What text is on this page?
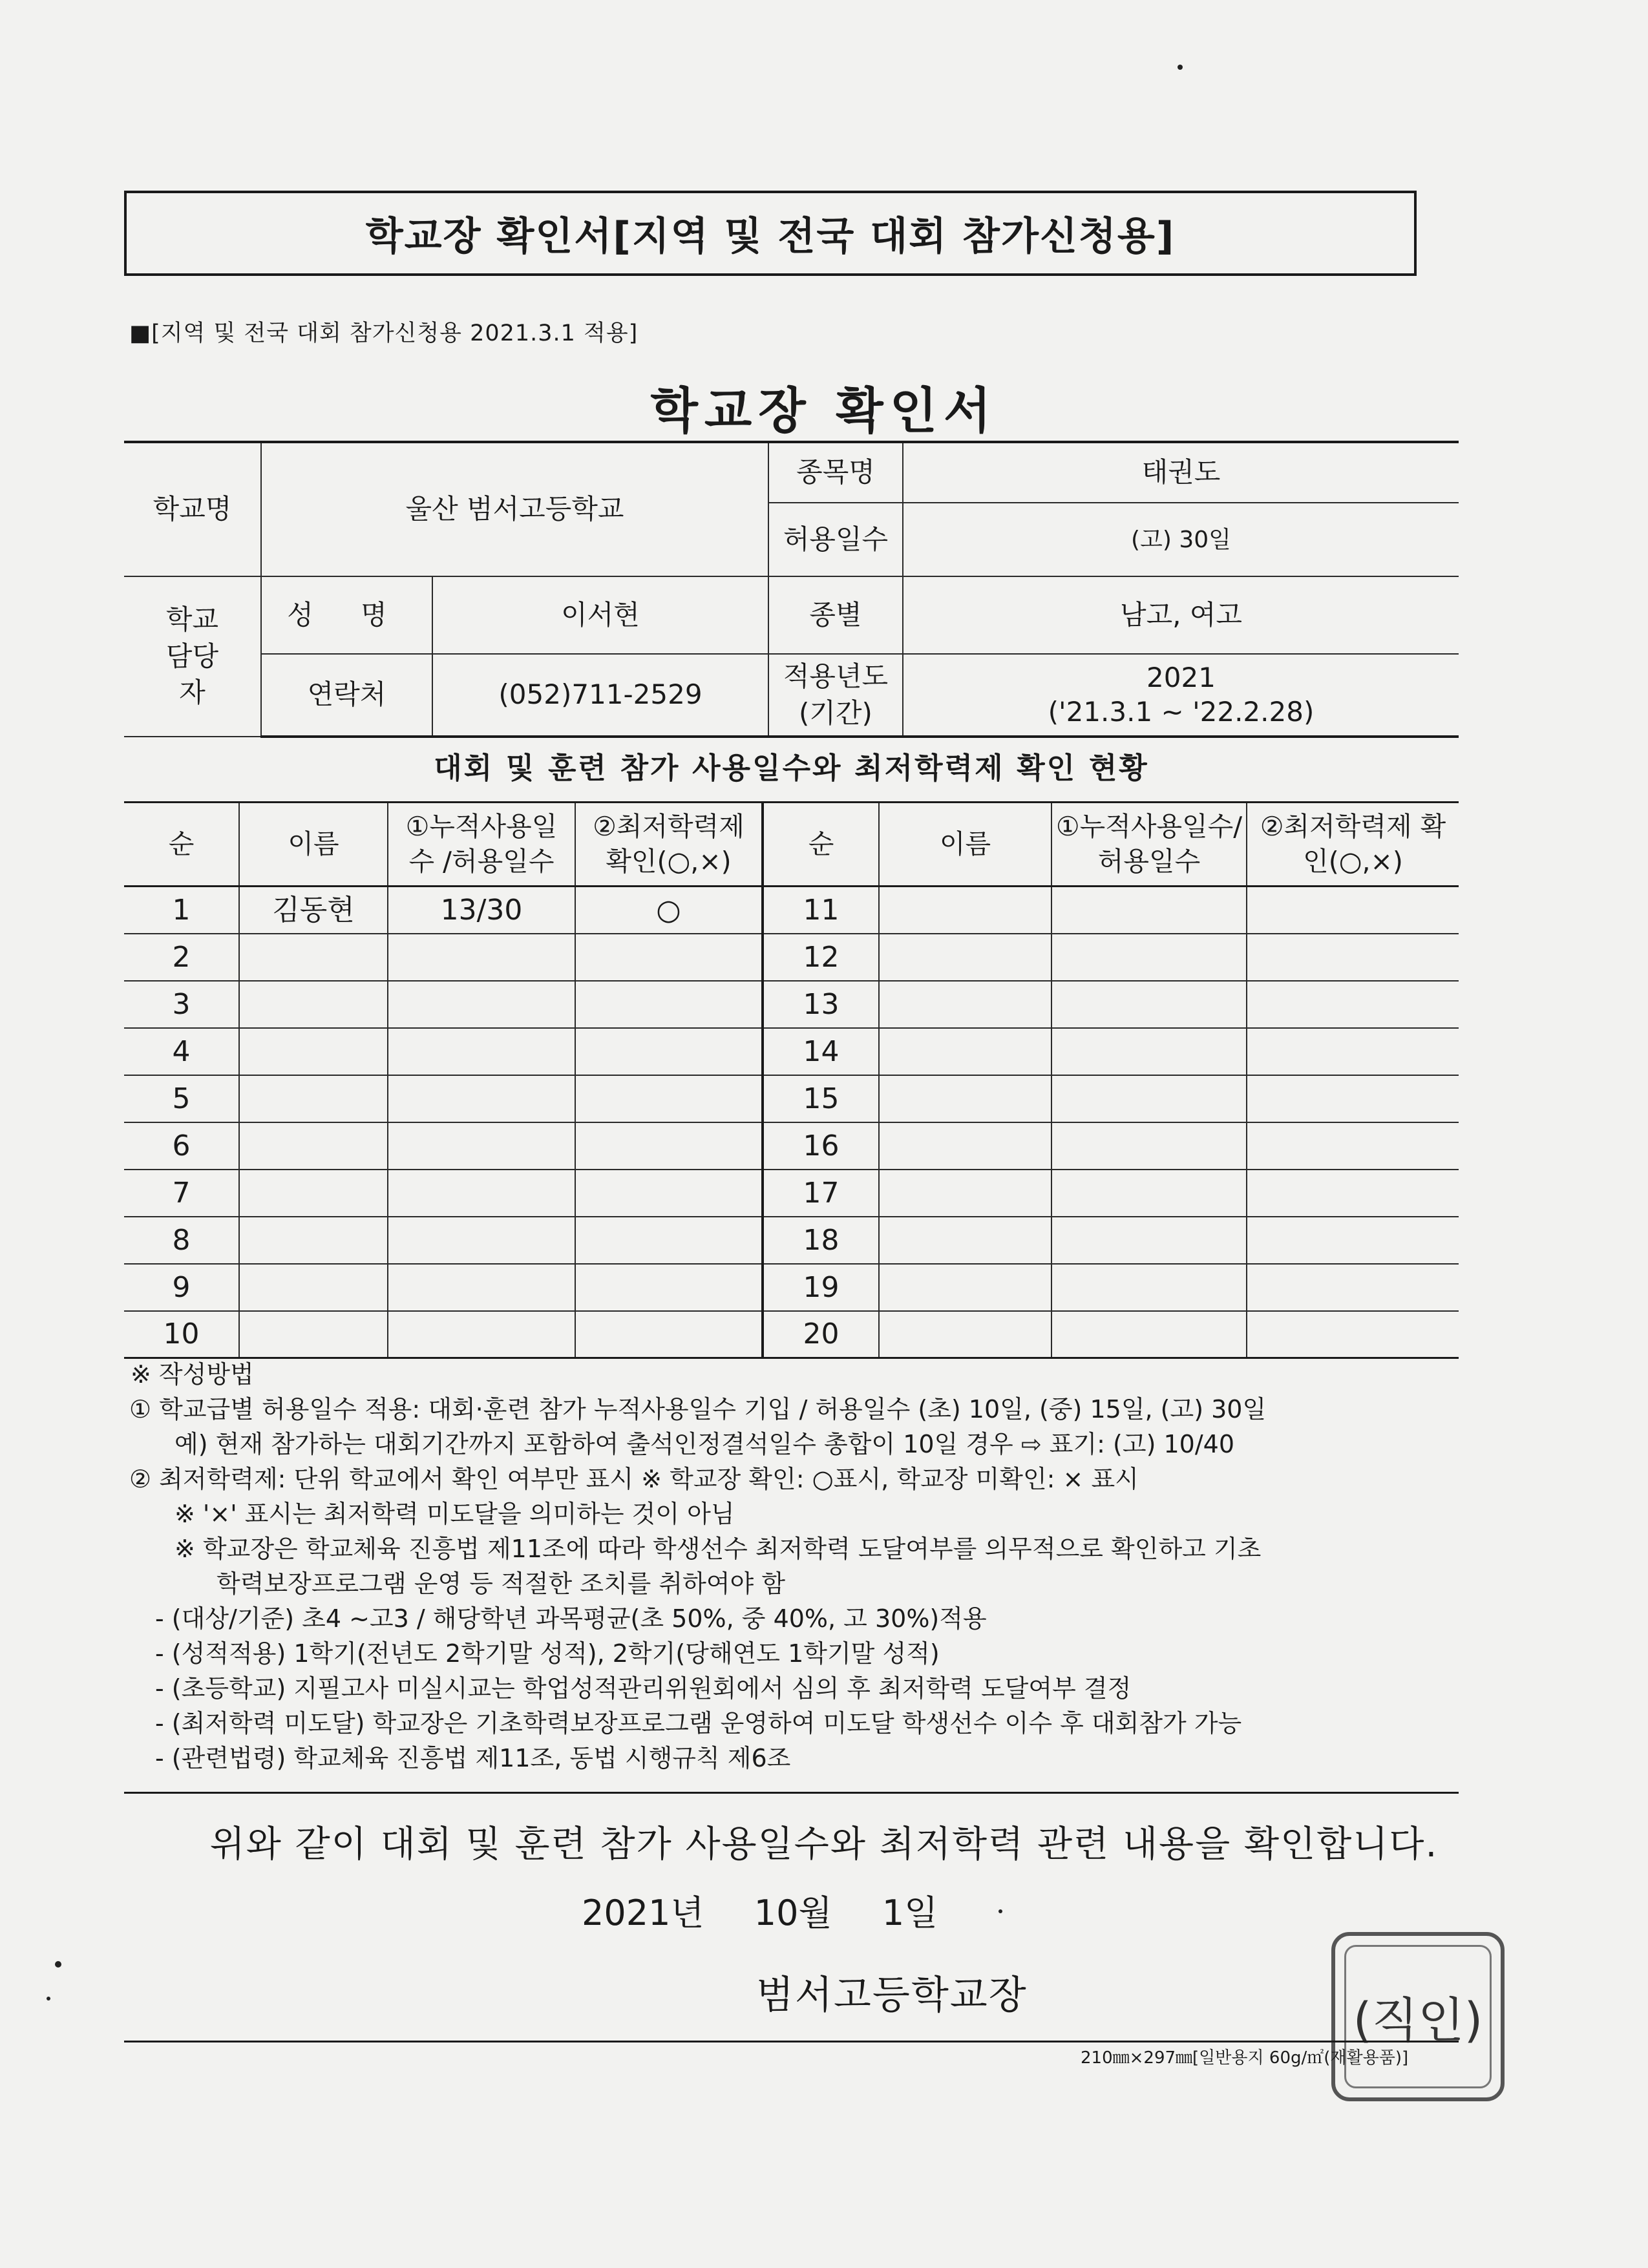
학교장 확인서[지역 및 전국 대회 참가신청용]
■[지역 및 전국 대회 참가신청용 2021.3.1 적용]
학교장 확인서
학교명	울산 범서고등학교		종목명	태권도
			허용일수	(고) 30일

학교 담당자	성 명	이서현	종별	남고, 여고
	연락처	(052)711-2529	적용년도 (기간)	2021
('21.3.1 ~ '22.2.28)
대회 및 훈련 참가 사용일수와 최저학력제 확인 현황
순	이름	①누적사용일수 /허용일수	②최저학력제 확인(○,×)	순	이름	①누적사용일수/ 허용일수	②최저학력제 확인(○,×)

1	김동현	13/30	○	11			
2				12			
3				13			
4				14			
5				15			
6				16			
7				17			
8				18			
9				19			
10				20			
※ 작성방법
① 학교급별 허용일수 적용: 대회·훈련 참가 누적사용일수 기입 / 허용일수 (초) 10일, (중) 15일, (고) 30일
예) 현재 참가하는 대회기간까지 포함하여 출석인정결석일수 총합이 10일 경우 ⇨ 표기: (고) 10/40
② 최저학력제: 단위 학교에서 확인 여부만 표시 ※ 학교장 확인: ○표시, 학교장 미확인: × 표시
※ '×' 표시는 최저학력 미도달을 의미하는 것이 아님
※ 학교장은 학교체육 진흥법 제11조에 따라 학생선수 최저학력 도달여부를 의무적으로 확인하고 기초
학력보장프로그램 운영 등 적절한 조치를 취하여야 함
- (대상/기준) 초4 ~고3 / 해당학년 과목평균(초 50%, 중 40%, 고 30%)적용
- (성적적용) 1학기(전년도 2학기말 성적), 2학기(당해연도 1학기말 성적)
- (초등학교) 지필고사 미실시교는 학업성적관리위원회에서 심의 후 최저학력 도달여부 결정
- (최저학력 미도달) 학교장은 기초학력보장프로그램 운영하여 미도달 학생선수 이수 후 대회참가 가능
- (관련법령) 학교체육 진흥법 제11조, 동법 시행규칙 제6조
위와 같이 대회 및 훈련 참가 사용일수와 최저학력 관련 내용을 확인합니다.
2021년 10월 1일
범서고등학교장	(직인)
210㎜×297㎜[일반용지 60g/㎡(재활용품)]
